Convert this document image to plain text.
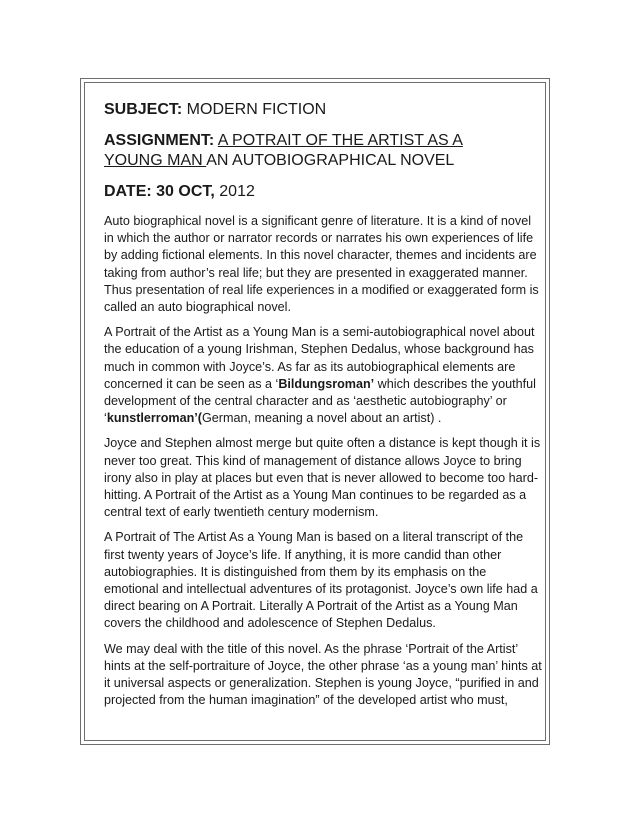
SUBJECT: MODERN FICTION
ASSIGNMENT: A POTRAIT OF THE ARTIST AS A
YOUNG MAN AN AUTOBIOGRAPHICAL NOVEL
DATE: 30 OCT, 2012

Auto biographical novel is a significant genre of literature. It is a kind of novel in which the author or narrator records or narrates his own experiences of life by adding fictional elements. In this novel character, themes and incidents are taking from author’s real life; but they are presented in exaggerated manner. Thus presentation of real life experiences in a modified or exaggerated form is called an auto biographical novel.

A Portrait of the Artist as a Young Man is a semi-autobiographical novel about the education of a young Irishman, Stephen Dedalus, whose background has much in common with Joyce’s. As far as its autobiographical elements are concerned it can be seen as a ‘Bildungsroman’ which describes the youthful development of the central character and as ‘aesthetic autobiography’ or ‘kunstlerroman’(German, meaning a novel about an artist) .

Joyce and Stephen almost merge but quite often a distance is kept though it is never too great. This kind of management of distance allows Joyce to bring irony also in play at places but even that is never allowed to become too hard-hitting. A Portrait of the Artist as a Young Man continues to be regarded as a central text of early twentieth century modernism.

A Portrait of The Artist As a Young Man is based on a literal transcript of the first twenty years of Joyce’s life. If anything, it is more candid than other autobiographies. It is distinguished from them by its emphasis on the emotional and intellectual adventures of its protagonist. Joyce’s own life had a direct bearing on A Portrait. Literally A Portrait of the Artist as a Young Man covers the childhood and adolescence of Stephen Dedalus.

We may deal with the title of this novel. As the phrase ‘Portrait of the Artist’ hints at the self-portraiture of Joyce, the other phrase ‘as a young man’ hints at it universal aspects or generalization. Stephen is young Joyce, “purified in and projected from the human imagination” of the developed artist who must,
